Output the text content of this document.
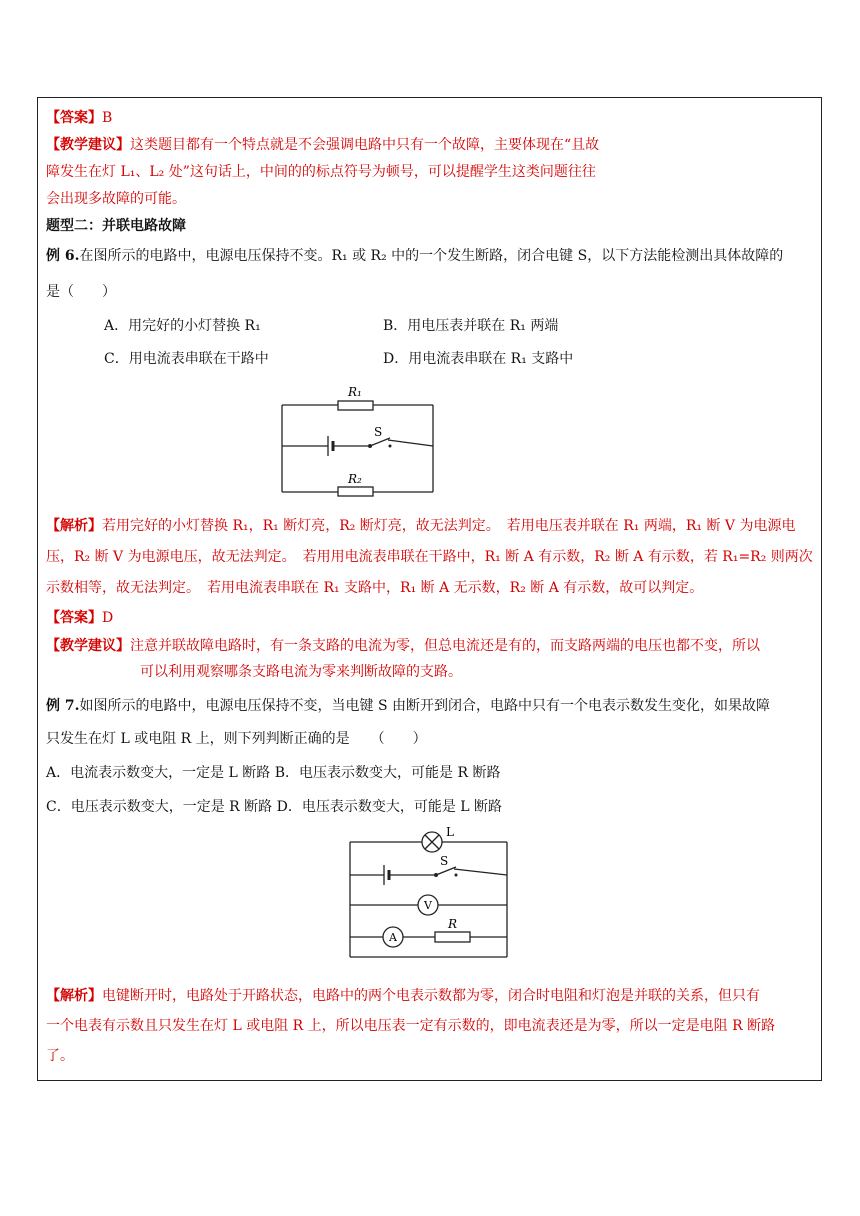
【答案】B
【教学建议】这类题目都有一个特点就是不会强调电路中只有一个故障，主要体现在“且故
障发生在灯 L₁、L₂ 处”这句话上，中间的的标点符号为顿号，可以提醒学生这类问题往往
会出现多故障的可能。
题型二：并联电路故障
例 6.在图所示的电路中，电源电压保持不变。R₁ 或 R₂ 中的一个发生断路，闭合电键 S，以下方法能检测出具体故障的
是（　　）
A．用完好的小灯替换 R₁	B．用电压表并联在 R₁ 两端
C．用电流表串联在干路中	D．用电流表串联在 R₁ 支路中
R₁
R₂
S
【解析】若用完好的小灯替换 R₁，R₁ 断灯亮，R₂ 断灯亮，故无法判定。　若用电压表并联在 R₁ 两端，R₁ 断 V 为电源电
压，R₂ 断 V 为电源电压，故无法判定。　若用用电流表串联在干路中，R₁ 断 A 有示数，R₂ 断 A 有示数，若 R₁=R₂ 则两次
示数相等，故无法判定。　若用电流表串联在 R₁ 支路中，R₁ 断 A 无示数，R₂ 断 A 有示数，故可以判定。
【答案】D
【教学建议】注意并联故障电路时，有一条支路的电流为零，但总电流还是有的，而支路两端的电压也都不变，所以
可以利用观察哪条支路电流为零来判断故障的支路。
例 7.如图所示的电路中，电源电压保持不变，当电键 S 由断开到闭合，电路中只有一个电表示数发生变化，如果故障
只发生在灯 L 或电阻 R 上，则下列判断正确的是　　（　　）
A．电流表示数变大，一定是 L 断路 B．电压表示数变大，可能是 R 断路
C．电压表示数变大，一定是 R 断路 D．电压表示数变大，可能是 L 断路
V
A
L
S
R
【解析】电键断开时，电路处于开路状态，电路中的两个电表示数都为零，闭合时电阻和灯泡是并联的关系，但只有
一个电表有示数且只发生在灯 L 或电阻 R 上，所以电压表一定有示数的，即电流表还是为零，所以一定是电阻 R 断路
了。
